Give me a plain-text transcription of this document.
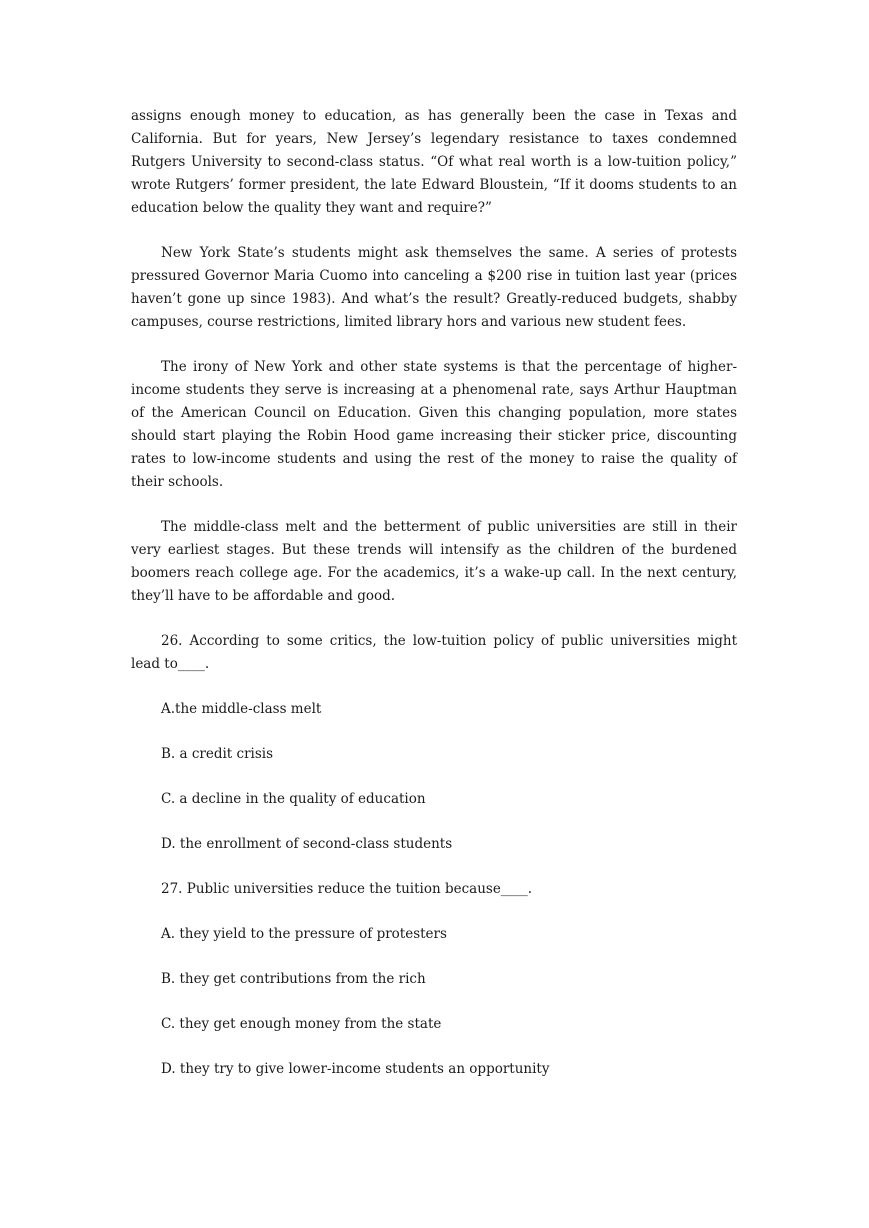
assigns enough money to education, as has generally been the case in Texas and California. But for years, New Jersey’s legendary resistance to taxes condemned Rutgers University to second-class status. “Of what real worth is a low-tuition policy,” wrote Rutgers’ former president, the late Edward Bloustein, “If it dooms students to an education below the quality they want and require?”

New York State’s students might ask themselves the same. A series of protests pressured Governor Maria Cuomo into canceling a $200 rise in tuition last year (prices haven’t gone up since 1983). And what’s the result? Greatly-reduced budgets, shabby campuses, course restrictions, limited library hors and various new student fees.

The irony of New York and other state systems is that the percentage of higher-income students they serve is increasing at a phenomenal rate, says Arthur Hauptman of the American Council on Education. Given this changing population, more states should start playing the Robin Hood game increasing their sticker price, discounting rates to low-income students and using the rest of the money to raise the quality of their schools.

The middle-class melt and the betterment of public universities are still in their very earliest stages. But these trends will intensify as the children of the burdened boomers reach college age. For the academics, it’s a wake-up call. In the next century, they’ll have to be affordable and good.

26. According to some critics, the low-tuition policy of public universities might lead to____.

A.the middle-class melt

B. a credit crisis

C. a decline in the quality of education

D. the enrollment of second-class students

27. Public universities reduce the tuition because____.

A. they yield to the pressure of protesters

B. they get contributions from the rich

C. they get enough money from the state

D. they try to give lower-income students an opportunity
